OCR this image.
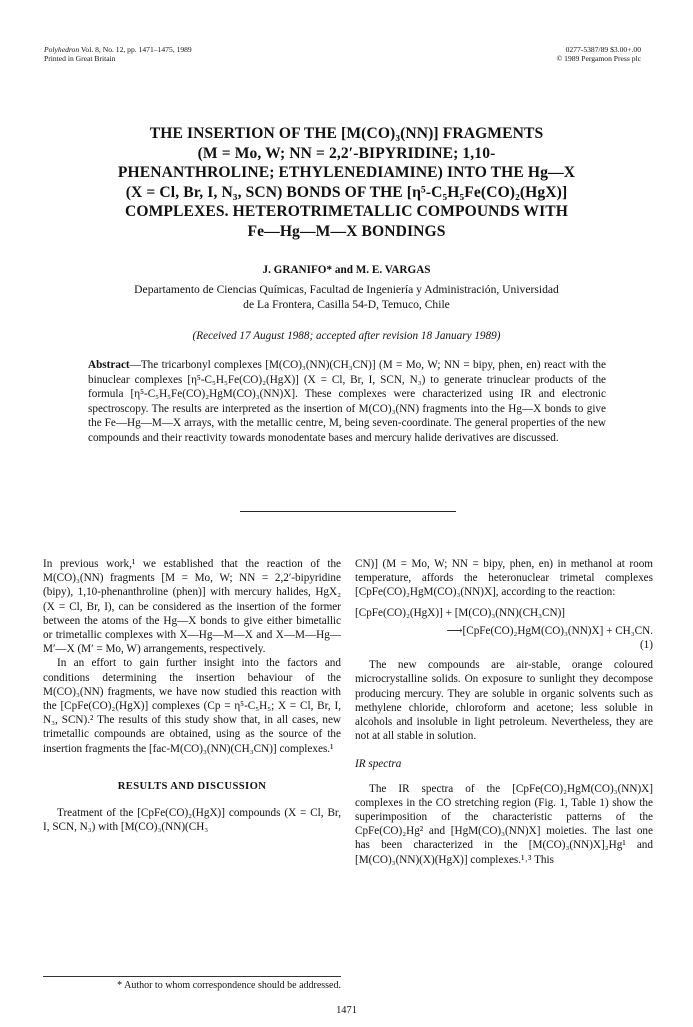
Polyhedron Vol. 8, No. 12, pp. 1471–1475, 1989
Printed in Great Britain
0277-5387/89 $3.00+.00
© 1989 Pergamon Press plc
THE INSERTION OF THE [M(CO)₃(NN)] FRAGMENTS
(M = Mo, W; NN = 2,2′-BIPYRIDINE; 1,10-
PHENANTHROLINE; ETHYLENEDIAMINE) INTO THE Hg—X
(X = Cl, Br, I, N₃, SCN) BONDS OF THE [η⁵-C₅H₅Fe(CO)₂(HgX)]
COMPLEXES. HETEROTRIMETALLIC COMPOUNDS WITH
Fe—Hg—M—X BONDINGS
J. GRANIFO* and M. E. VARGAS
Departamento de Ciencias Químicas, Facultad de Ingeniería y Administración, Universidad
de La Frontera, Casilla 54-D, Temuco, Chile
(Received 17 August 1988; accepted after revision 18 January 1989)
Abstract—The tricarbonyl complexes [M(CO)₃(NN)(CH₃CN)] (M = Mo, W; NN = bipy, phen, en) react with the binuclear complexes [η⁵-C₅H₅Fe(CO)₂(HgX)] (X = Cl, Br, I, SCN, N₃) to generate trinuclear products of the formula [η⁵-C₅H₅Fe(CO)₂HgM(CO)₃(NN)X]. These complexes were characterized using IR and electronic spectroscopy. The results are interpreted as the insertion of M(CO)₃(NN) fragments into the Hg—X bonds to give the Fe—Hg—M—X arrays, with the metallic centre, M, being seven-coordinate. The general properties of the new compounds and their reactivity towards monodentate bases and mercury halide derivatives are discussed.

In previous work,¹ we established that the reaction of the M(CO)₃(NN) fragments [M = Mo, W; NN = 2,2′-bipyridine (bipy), 1,10-phenanthroline (phen)] with mercury halides, HgX₂ (X = Cl, Br, I), can be considered as the insertion of the former between the atoms of the Hg—X bonds to give either bimetallic or trimetallic complexes with X—Hg—M—X and X—M—Hg—M′—X (M′ = Mo, W) arrangements, respectively.

In an effort to gain further insight into the factors and conditions determining the insertion behaviour of the M(CO)₃(NN) fragments, we have now studied this reaction with the [CpFe(CO)₂(HgX)] complexes (Cp = η⁵-C₅H₅; X = Cl, Br, I, N₃, SCN).² The results of this study show that, in all cases, new trimetallic compounds are obtained, using as the source of the insertion fragments the [fac-M(CO)₃(NN)(CH₃CN)] complexes.¹

RESULTS AND DISCUSSION

Treatment of the [CpFe(CO)₂(HgX)] compounds (X = Cl, Br, I, SCN, N₃) with [M(CO)₃(NN)(CH₃

CN)] (M = Mo, W; NN = bipy, phen, en) in methanol at room temperature, affords the heteronuclear trimetal complexes [CpFe(CO)₂HgM(CO)₃(NN)X], according to the reaction:

[CpFe(CO)₂(HgX)] + [M(CO)₃(NN)(CH₃CN)]

⟶[CpFe(CO)₂HgM(CO)₃(NN)X] + CH₃CN.

(1)

The new compounds are air-stable, orange coloured microcrystalline solids. On exposure to sunlight they decompose producing mercury. They are soluble in organic solvents such as methylene chloride, chloroform and acetone; less soluble in alcohols and insoluble in light petroleum. Nevertheless, they are not at all stable in solution.

IR spectra

The IR spectra of the [CpFe(CO)₂HgM(CO)₃(NN)X] complexes in the CO stretching region (Fig. 1, Table 1) show the superimposition of the characteristic patterns of the CpFe(CO)₂Hg² and [HgM(CO)₃(NN)X] moieties. The last one has been characterized in the [M(CO)₃(NN)X]₂Hg¹ and [M(CO)₃(NN)(X)(HgX)] complexes.¹˒³ This

* Author to whom correspondence should be addressed.
1471
